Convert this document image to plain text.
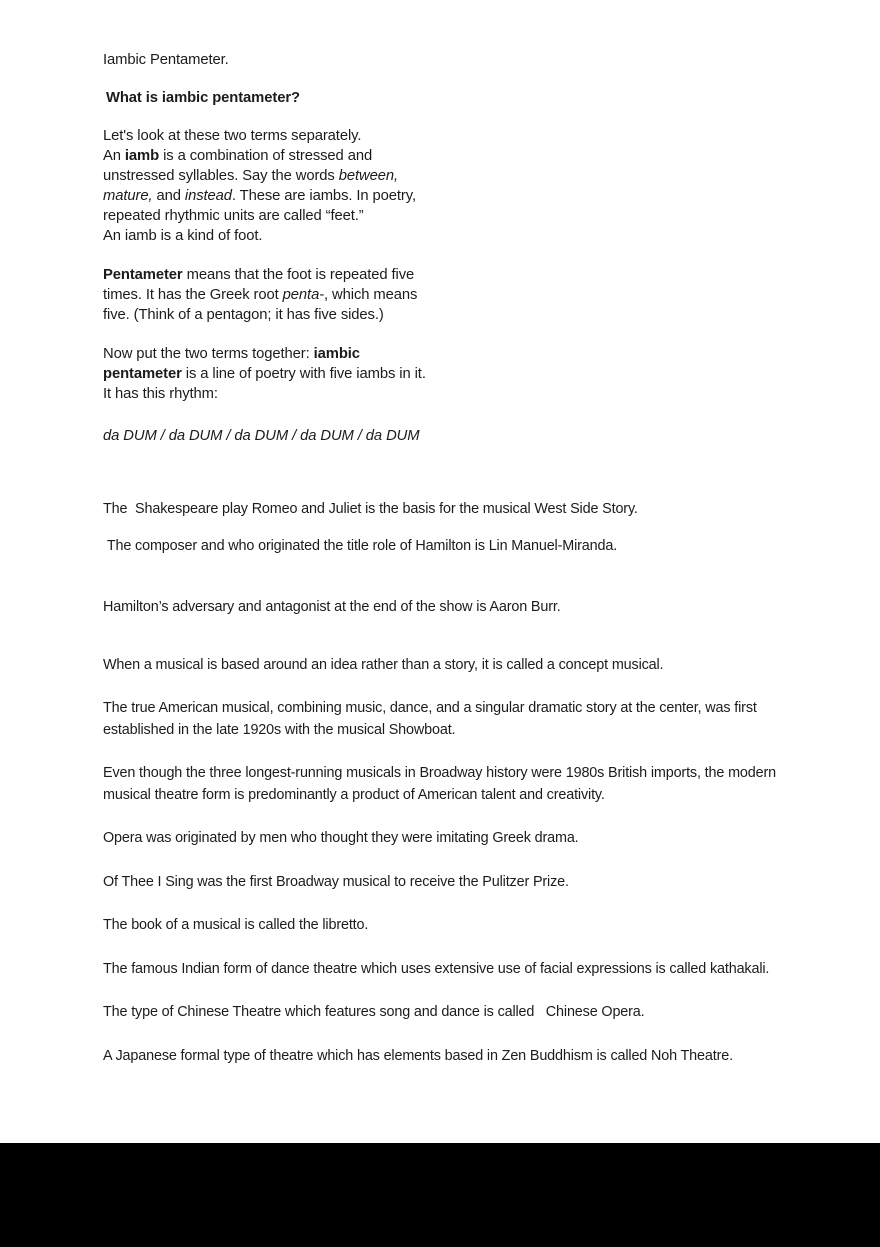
Iambic Pentameter.

What is iambic pentameter?

Let's look at these two terms separately.
An iamb is a combination of stressed and unstressed syllables. Say the words between, mature, and instead. These are iambs. In poetry, repeated rhythmic units are called “feet.”
An iamb is a kind of foot.

Pentameter means that the foot is repeated five times. It has the Greek root penta-, which means five. (Think of a pentagon; it has five sides.)

Now put the two terms together: iambic pentameter is a line of poetry with five iambs in it. It has this rhythm:

da DUM / da DUM / da DUM / da DUM / da DUM

The  Shakespeare play Romeo and Juliet is the basis for the musical West Side Story.

The composer and who originated the title role of Hamilton is Lin Manuel-Miranda.

Hamilton’s adversary and antagonist at the end of the show is Aaron Burr.

When a musical is based around an idea rather than a story, it is called a concept musical.

The true American musical, combining music, dance, and a singular dramatic story at the center, was first established in the late 1920s with the musical Showboat.

Even though the three longest-running musicals in Broadway history were 1980s British imports, the modern musical theatre form is predominantly a product of American talent and creativity.

Opera was originated by men who thought they were imitating Greek drama.

Of Thee I Sing was the first Broadway musical to receive the Pulitzer Prize.

The book of a musical is called the libretto.

The famous Indian form of dance theatre which uses extensive use of facial expressions is called kathakali.

The type of Chinese Theatre which features song and dance is called   Chinese Opera.

A Japanese formal type of theatre which has elements based in Zen Buddhism is called Noh Theatre.
